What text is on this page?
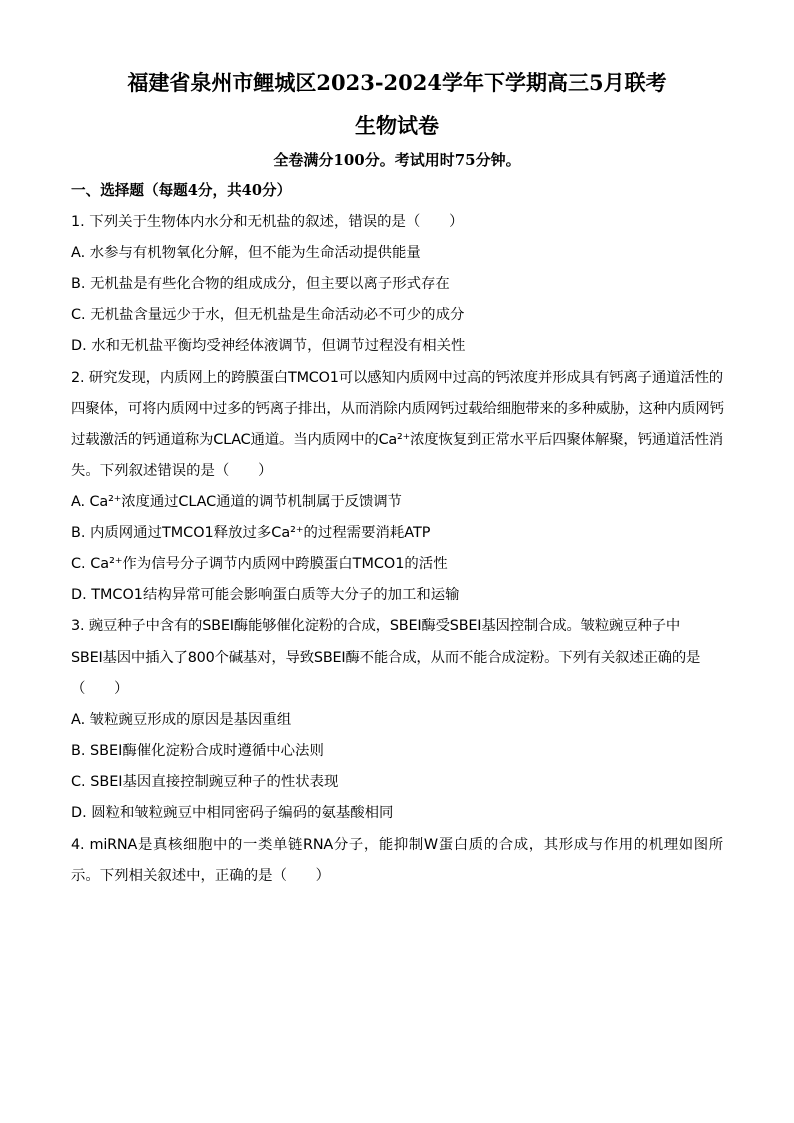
福建省泉州市鲤城区2023-2024学年下学期高三5月联考
生物试卷
全卷满分100分。考试用时75分钟。
一、选择题（每题4分，共40分）
1. 下列关于生物体内水分和无机盐的叙述，错误的是（　　）
A. 水参与有机物氧化分解，但不能为生命活动提供能量
B. 无机盐是有些化合物的组成成分，但主要以离子形式存在
C. 无机盐含量远少于水，但无机盐是生命活动必不可少的成分
D. 水和无机盐平衡均受神经体液调节，但调节过程没有相关性
2. 研究发现，内质网上的跨膜蛋白TMCO1可以感知内质网中过高的钙浓度并形成具有钙离子通道活性的
四聚体，可将内质网中过多的钙离子排出，从而消除内质网钙过载给细胞带来的多种威胁，这种内质网钙
过载激活的钙通道称为CLAC通道。当内质网中的Ca²⁺浓度恢复到正常水平后四聚体解聚，钙通道活性消
失。下列叙述错误的是（　　）
A. Ca²⁺浓度通过CLAC通道的调节机制属于反馈调节
B. 内质网通过TMCO1释放过多Ca²⁺的过程需要消耗ATP
C. Ca²⁺作为信号分子调节内质网中跨膜蛋白TMCO1的活性
D. TMCO1结构异常可能会影响蛋白质等大分子的加工和运输
3. 豌豆种子中含有的SBEI酶能够催化淀粉的合成，SBEI酶受SBEI基因控制合成。皱粒豌豆种子中
SBEI基因中插入了800个碱基对，导致SBEI酶不能合成，从而不能合成淀粉。下列有关叙述正确的是
（　　）
A. 皱粒豌豆形成的原因是基因重组
B. SBEI酶催化淀粉合成时遵循中心法则
C. SBEI基因直接控制豌豆种子的性状表现
D. 圆粒和皱粒豌豆中相同密码子编码的氨基酸相同
4. miRNA是真核细胞中的一类单链RNA分子，能抑制W蛋白质的合成，其形成与作用的机理如图所
示。下列相关叙述中，正确的是（　　）
